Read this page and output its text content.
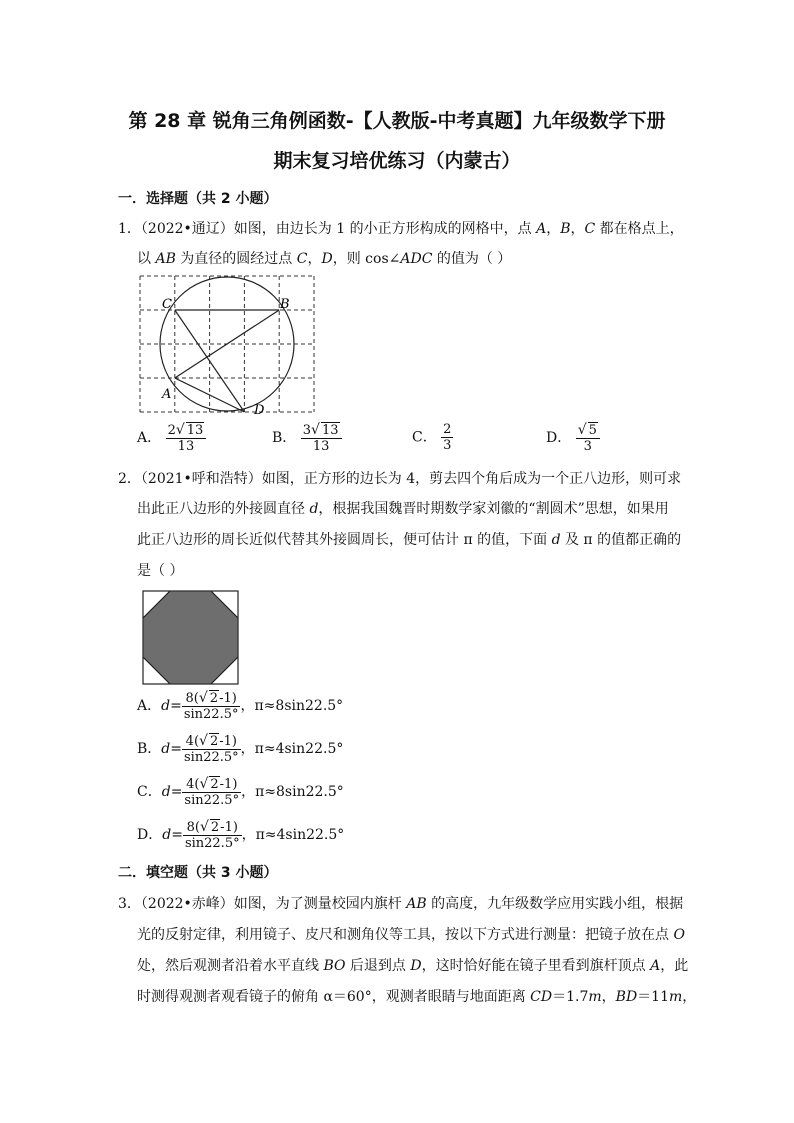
第 28 章 锐角三角例函数-【人教版-中考真题】九年级数学下册
期末复习培优练习（内蒙古）
一．选择题（共 2 小题）
1．（2022•通辽）如图，由边长为 1 的小正方形构成的网格中，点 A，B，C 都在格点上，
以 AB 为直径的圆经过点 C，D，则 cos∠ADC 的值为（ ）
C	B
A
D
A． $\frac{2√ 13}{13}$	B． $\frac{3√ 13}{13}$	C． $\frac{2}{3}$	D． $\frac{√ 5}{3}$
2．（2021•呼和浩特）如图，正方形的边长为 4，剪去四个角后成为一个正八边形，则可求
出此正八边形的外接圆直径 d，根据我国魏晋时期数学家刘徽的“割圆术”思想，如果用
此正八边形的周长近似代替其外接圆周长，便可估计 π 的值，下面 d 及 π 的值都正确的
是（ ）
A．$d= \frac{8(√ 2-1)}{\sin 22.5^\circ}$ ，π≈8sin22.5°
B．$d= \frac{4(√ 2-1)}{\sin 22.5^\circ}$ ，π≈4sin22.5°
C．$d= \frac{4(√ 2-1)}{\sin 22.5^\circ}$ ，π≈8sin22.5°
D．$d= \frac{8(√ 2-1)}{\sin 22.5^\circ}$ ，π≈4sin22.5°
二．填空题（共 3 小题）
3．（2022•赤峰）如图，为了测量校园内旗杆 AB 的高度，九年级数学应用实践小组，根据
光的反射定律，利用镜子、皮尺和测角仪等工具，按以下方式进行测量：把镜子放在点 O
处，然后观测者沿着水平直线 BO 后退到点 D，这时恰好能在镜子里看到旗杆顶点 A，此
时测得观测者观看镜子的俯角 α＝60°，观测者眼睛与地面距离 CD＝1.7m，BD＝11m，
